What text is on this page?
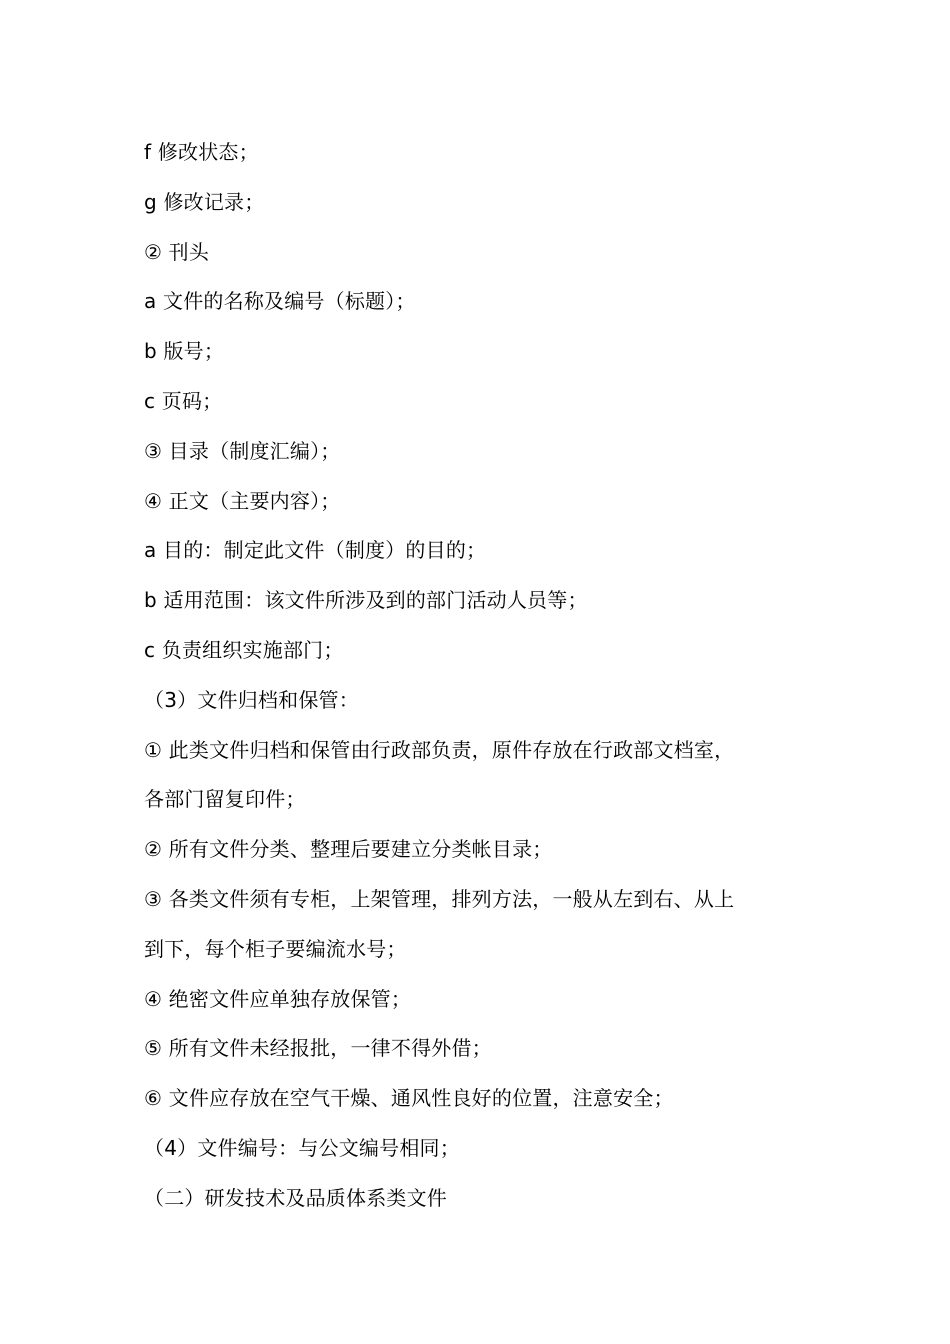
f 修改状态；
g 修改记录；
② 刊头
a 文件的名称及编号（标题）；
b 版号；
c 页码；
③ 目录（制度汇编）；
④ 正文（主要内容）；
a 目的：制定此文件（制度）的目的；
b 适用范围：该文件所涉及到的部门活动人员等；
c 负责组织实施部门；
（3）文件归档和保管：
① 此类文件归档和保管由行政部负责，原件存放在行政部文档室，
各部门留复印件；
② 所有文件分类、整理后要建立分类帐目录；
③ 各类文件须有专柜，上架管理，排列方法，一般从左到右、从上
到下，每个柜子要编流水号；
④ 绝密文件应单独存放保管；
⑤ 所有文件未经报批，一律不得外借；
⑥ 文件应存放在空气干燥、通风性良好的位置，注意安全；
（4）文件编号：与公文编号相同；
（二）研发技术及品质体系类文件
